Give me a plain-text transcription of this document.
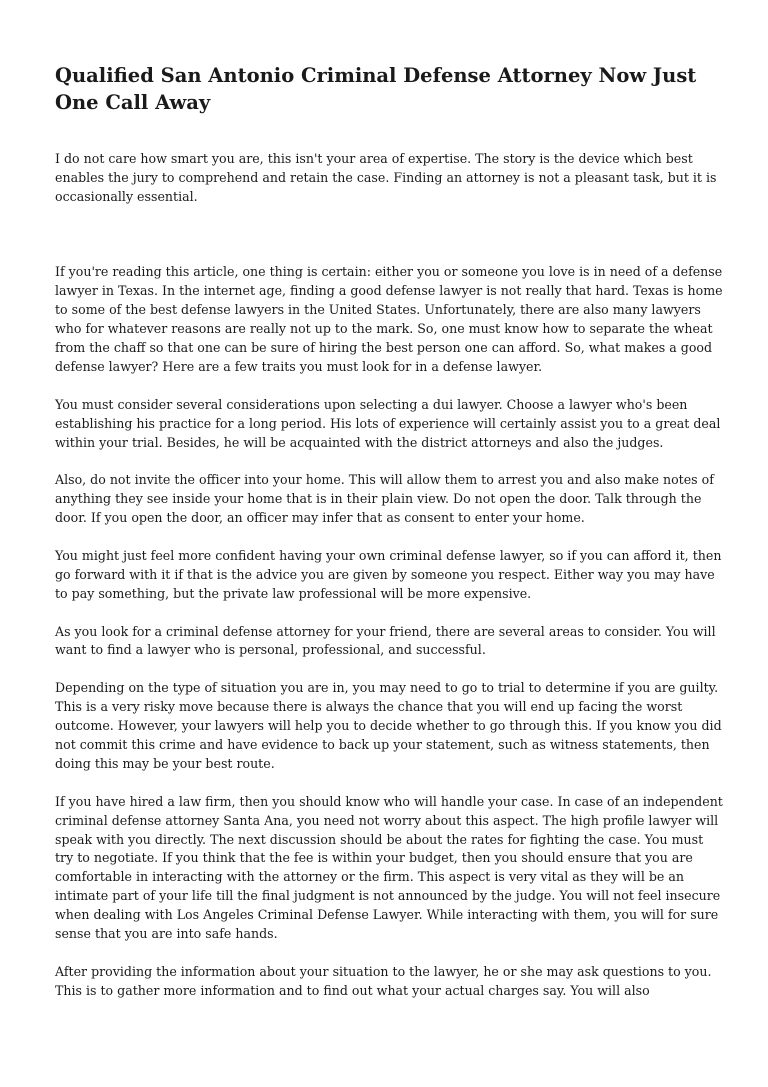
Qualified San Antonio Criminal Defense Attorney Now Just One Call Away

I do not care how smart you are, this isn't your area of expertise. The story is the device which best enables the jury to comprehend and retain the case. Finding an attorney is not a pleasant task, but it is occasionally essential.

If you're reading this article, one thing is certain: either you or someone you love is in need of a defense lawyer in Texas. In the internet age, finding a good defense lawyer is not really that hard. Texas is home to some of the best defense lawyers in the United States. Unfortunately, there are also many lawyers who for whatever reasons are really not up to the mark. So, one must know how to separate the wheat from the chaff so that one can be sure of hiring the best person one can afford. So, what makes a good defense lawyer? Here are a few traits you must look for in a defense lawyer.

You must consider several considerations upon selecting a dui lawyer. Choose a lawyer who's been establishing his practice for a long period. His lots of experience will certainly assist you to a great deal within your trial. Besides, he will be acquainted with the district attorneys and also the judges.

Also, do not invite the officer into your home. This will allow them to arrest you and also make notes of anything they see inside your home that is in their plain view. Do not open the door. Talk through the door. If you open the door, an officer may infer that as consent to enter your home.

You might just feel more confident having your own criminal defense lawyer, so if you can afford it, then go forward with it if that is the advice you are given by someone you respect. Either way you may have to pay something, but the private law professional will be more expensive.

As you look for a criminal defense attorney for your friend, there are several areas to consider. You will want to find a lawyer who is personal, professional, and successful.

Depending on the type of situation you are in, you may need to go to trial to determine if you are guilty. This is a very risky move because there is always the chance that you will end up facing the worst outcome. However, your lawyers will help you to decide whether to go through this. If you know you did not commit this crime and have evidence to back up your statement, such as witness statements, then doing this may be your best route.

If you have hired a law firm, then you should know who will handle your case. In case of an independent criminal defense attorney Santa Ana, you need not worry about this aspect. The high profile lawyer will speak with you directly. The next discussion should be about the rates for fighting the case. You must try to negotiate. If you think that the fee is within your budget, then you should ensure that you are comfortable in interacting with the attorney or the firm. This aspect is very vital as they will be an intimate part of your life till the final judgment is not announced by the judge. You will not feel insecure when dealing with Los Angeles Criminal Defense Lawyer. While interacting with them, you will for sure sense that you are into safe hands.

After providing the information about your situation to the lawyer, he or she may ask questions to you. This is to gather more information and to find out what your actual charges say. You will also
